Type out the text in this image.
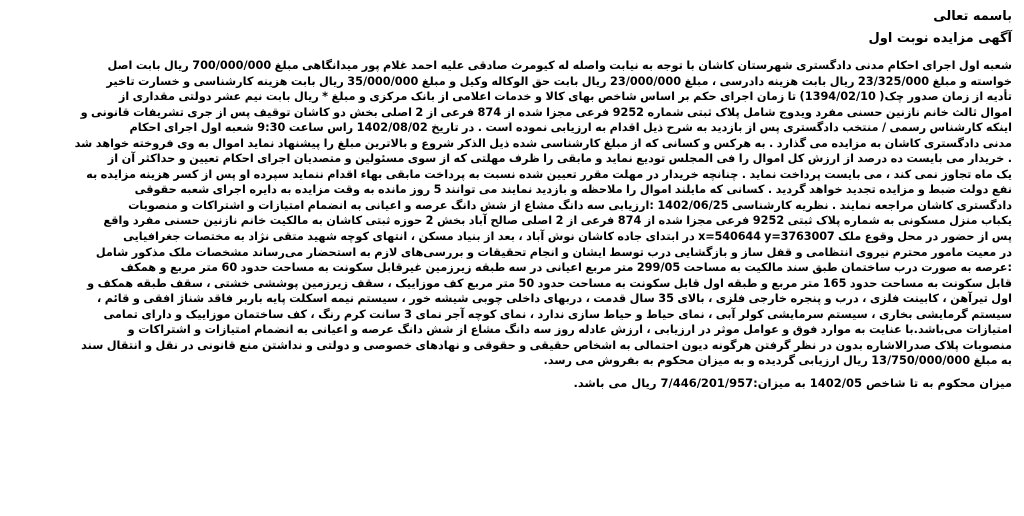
باسمه تعالی

آگهی مزایده نوبت اول

شعبه اول اجرای احکام مدنی دادگستری شهرستان کاشان با توجه به نیابت واصله له کیومرث صادقی علیه احمد غلام پور میدانگاهی مبلغ 700/000/000 ریال بابت اصل

خواسته و مبلغ 23/325/000 ریال بابت هزینه دادرسی ، مبلغ 23/000/000 ریال بابت حق الوکاله وکیل و مبلغ 35/000/000 ریال بابت هزینه کارشناسی و خسارت تاخیر

تأدیه از زمان صدور چک( 1394/02/10) تا زمان اجرای حکم بر اساس شاخص بهای کالا و خدمات اعلامی از بانک مرکزی و مبلغ * ریال بابت نیم عشر دولتی مقداری از

اموال ثالث خانم نازنین حسنی مفرد ویدوج شامل پلاک ثبتی شماره 9252 فرعی مجزا شده از 874 فرعی از 2 اصلی بخش دو کاشان توقیف پس از جری تشریفات قانونی و

اینکه کارشناس رسمی / منتخب دادگستری پس از بازدید به شرح ذیل اقدام به ارزیابی نموده است . در تاریخ 1402/08/02 راس ساعت 9:30 شعبه اول اجرای احکام

مدنی دادگستری کاشان به مزایده می گذارد . به هرکس و کسانی که از مبلغ کارشناسی شده ذیل الذکر شروع و بالاترین مبلغ را پیشنهاد نماید اموال به وی فروخته خواهد شد

. خریدار می بایست ده درصد از ارزش کل اموال را فی المجلس تودیع نماید و مابقی را ظرف مهلتی که از سوی مسئولین و متصدیان اجرای احکام تعیین و حداکثر آن از

یک ماه تجاوز نمی کند ، می بایست پرداخت نماید . چنانچه خریدار در مهلت مقرر تعیین شده نسبت به پرداخت مابقی بهاء اقدام ننماید سپرده او پس از کسر هزینه مزایده به

نفع دولت ضبط و مزایده تجدید خواهد گردید . کسانی که مایلند اموال را ملاحظه و بازدید نمایند می توانند 5 روز مانده به وقت مزایده به دایره اجرای شعبه حقوقی

دادگستری کاشان مراجعه نمایند . نظریه کارشناسی 1402/06/25 :ارزیابی سه دانگ مشاع از شش دانگ عرصه و اعیانی به انضمام امتیازات و اشتراکات و منصوبات

یکباب منزل مسکونی به شماره پلاک ثبتی 9252 فرعی مجزا شده از 874 فرعی از 2 اصلی صالح آباد بخش 2 حوزه ثبتی کاشان به مالکیت خانم نازنین حسنی مفرد واقع

پس از حضور در محل وقوع ملک x=540644 y=3763007 در ابتدای جاده کاشان نوش آباد ، بعد از بنیاد مسکن ، انتهای کوچه شهید متقی نژاد به مختصات جغرافیایی

در معیت مامور محترم نیروی انتظامی و قفل ساز و بازگشایی درب توسط ایشان و انجام تحقیقات و بررسی‌های لازم به استحضار می‌رساند مشخصات ملک مذکور شامل

:عرصه به صورت درب ساختمان طبق سند مالکیت به مساحت 299/05 متر مربع اعیانی در سه طبقه زیرزمین غیرقابل سکونت به مساحت حدود 60 متر مربع و همکف

قابل سکونت به مساحت حدود 165 متر مربع و طبقه اول قابل سکونت به مساحت حدود 50 متر مربع کف موزاییک ، سقف زیرزمین پوششی خشتی ، سقف طبقه همکف و

اول تیرآهن ، کابینت فلزی ، درب و پنجره خارجی فلزی ، بالای 35 سال قدمت ، دربهای داخلی چوبی شیشه خور ، سیستم نیمه اسکلت پایه باربر فاقد شناژ افقی و قائم ،

سیستم گرمایشی بخاری ، سیستم سرمایشی کولر آبی ، نمای حیاط و حیاط سازی ندارد ، نمای کوچه آجر نمای 3 سانت کرم رنگ ، کف ساختمان موزاییک و دارای تمامی

امتیازات می‌باشد.با عنایت به موارد فوق و عوامل موثر در ارزیابی ، ارزش عادله روز سه دانگ مشاع از شش دانگ عرصه و اعیانی به انضمام امتیازات و اشتراکات و

منصوبات پلاک صدرالاشاره بدون در نظر گرفتن هرگونه دیون احتمالی به اشخاص حقیقی و حقوقی و نهادهای خصوصی و دولتی و نداشتن منع قانونی در نقل و انتقال سند

به مبلغ 13/750/000/000 ریال ارزیابی گردیده و به میزان محکوم به بفروش می رسد.

میزان محکوم به تا شاخص 1402/05 به میزان:7/446/201/957 ریال می باشد.
